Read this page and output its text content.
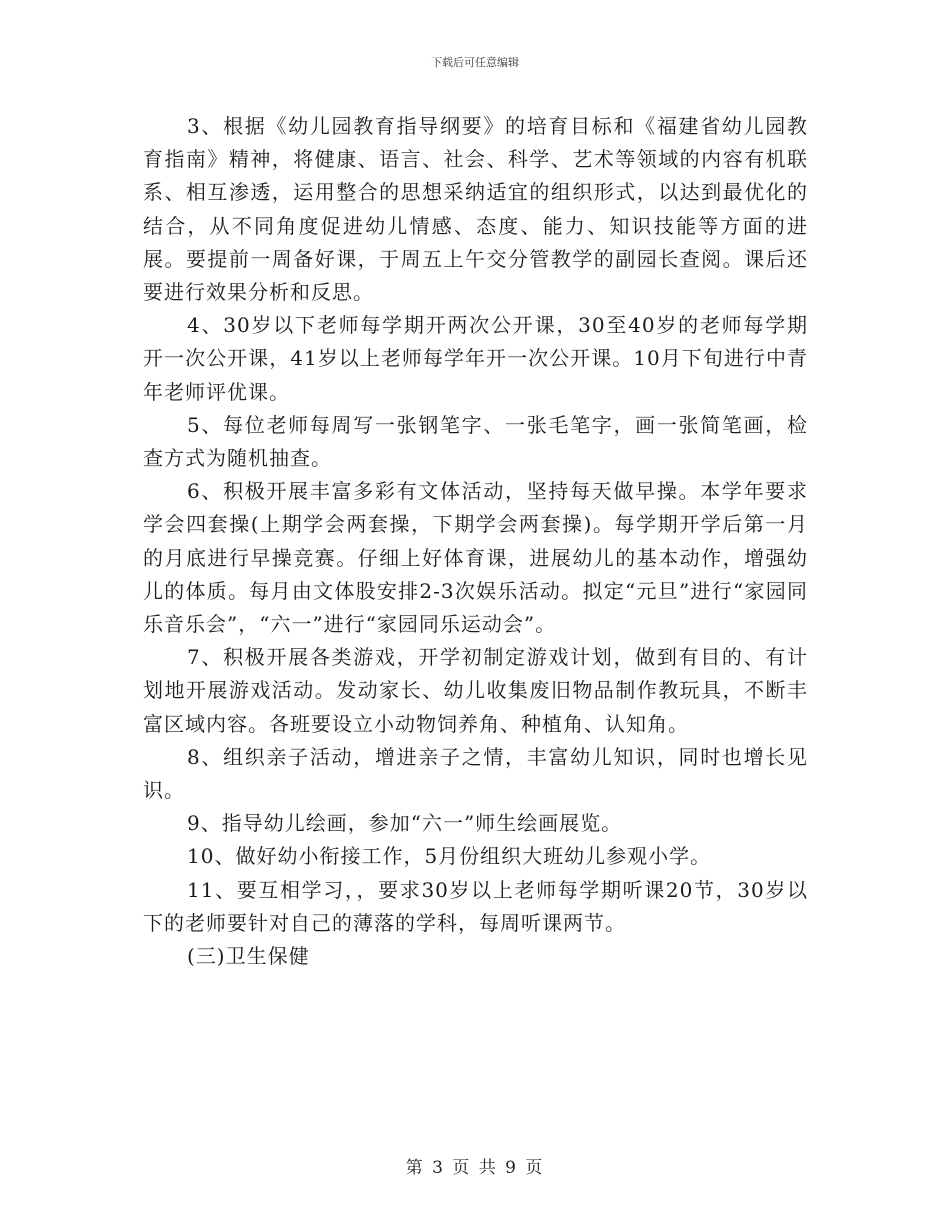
下载后可任意编辑

3、根据《幼儿园教育指导纲要》的培育目标和《福建省幼儿园教育指南》精神，将健康、语言、社会、科学、艺术等领域的内容有机联系、相互渗透，运用整合的思想采纳适宜的组织形式，以达到最优化的结合，从不同角度促进幼儿情感、态度、能力、知识技能等方面的进展。要提前一周备好课，于周五上午交分管教学的副园长查阅。课后还要进行效果分析和反思。

4、30岁以下老师每学期开两次公开课，30至40岁的老师每学期开一次公开课，41岁以上老师每学年开一次公开课。10月下旬进行中青年老师评优课。

5、每位老师每周写一张钢笔字、一张毛笔字，画一张简笔画，检查方式为随机抽查。

6、积极开展丰富多彩有文体活动，坚持每天做早操。本学年要求学会四套操(上期学会两套操，下期学会两套操)。每学期开学后第一月的月底进行早操竞赛。仔细上好体育课，进展幼儿的基本动作，增强幼儿的体质。每月由文体股安排2-3次娱乐活动。拟定“元旦”进行“家园同乐音乐会”，“六一”进行“家园同乐运动会”。

7、积极开展各类游戏，开学初制定游戏计划，做到有目的、有计划地开展游戏活动。发动家长、幼儿收集废旧物品制作教玩具，不断丰富区域内容。各班要设立小动物饲养角、种植角、认知角。

8、组织亲子活动，增进亲子之情，丰富幼儿知识，同时也增长见识。

9、指导幼儿绘画，参加“六一”师生绘画展览。

10、做好幼小衔接工作，5月份组织大班幼儿参观小学。

11、要互相学习，，要求30岁以上老师每学期听课20节，30岁以下的老师要针对自己的薄落的学科，每周听课两节。

(三)卫生保健

第 3 页 共 9 页
